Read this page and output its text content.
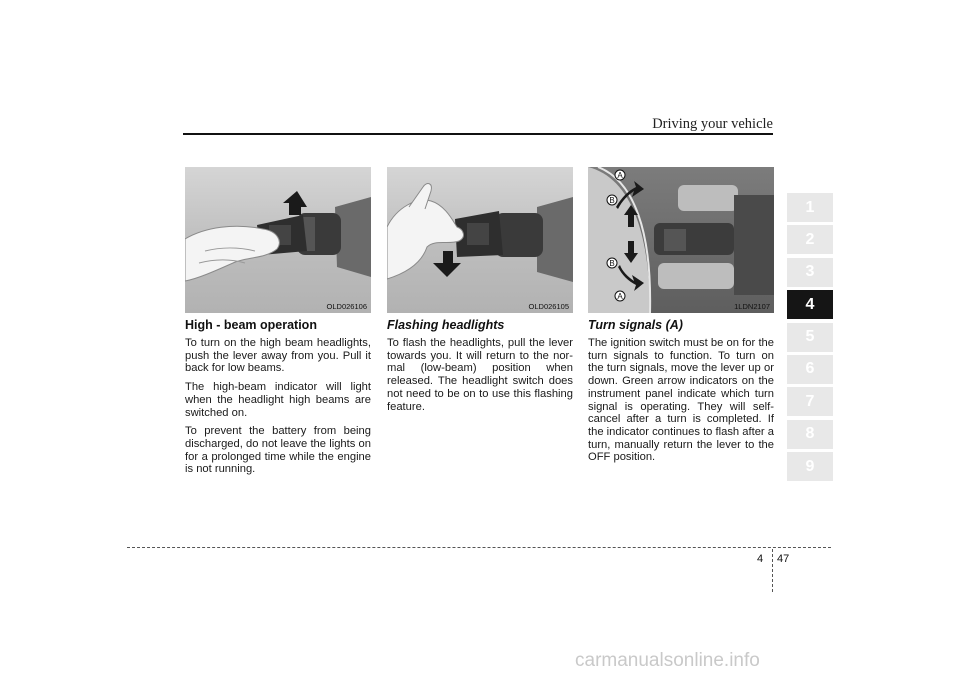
Driving your vehicle
1
2
3
4
5
6
7
8
9
OLD026106
High - beam operation

To turn on the high beam headlights, push the lever away from you. Pull it back for low beams.

The high-beam indicator will light when the headlight high beams are switched on.

To prevent the battery from being discharged, do not leave the lights on for a prolonged time while the engine is not running.

OLD026105
Flashing headlights

To flash the headlights, pull the lever towards you. It will return to the nor-mal (low-beam) position when released. The headlight switch does not need to be on to use this flashing feature.

A
B
B
A
1LDN2107
Turn signals (A)

The ignition switch must be on for the turn signals to function. To turn on the turn signals, move the lever up or down. Green arrow indicators on the instrument panel indicate which turn signal is operating. They will self-cancel after a turn is completed. If the indicator continues to flash after a turn, manually return the lever to the OFF position.

4 47
carmanualsonline.info
